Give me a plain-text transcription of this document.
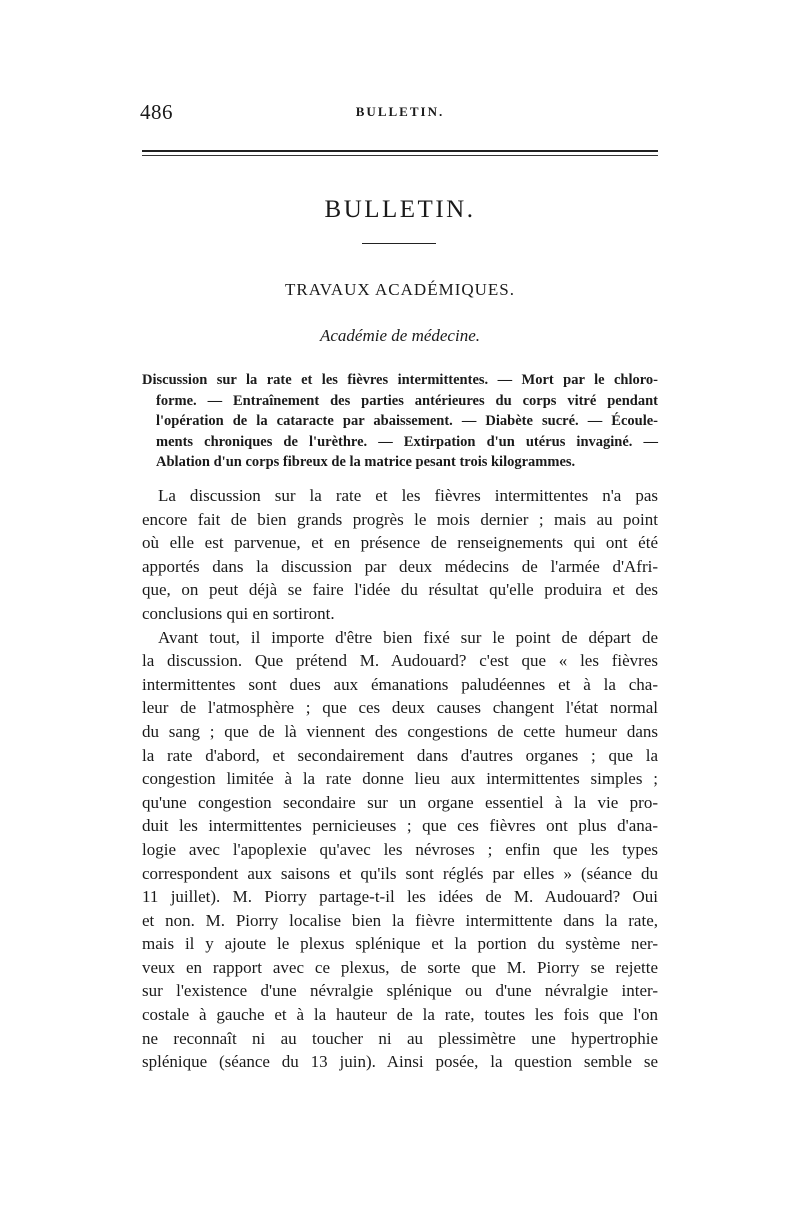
486	BULLETIN.
BULLETIN.
TRAVAUX ACADÉMIQUES.
Académie de médecine.
Discussion sur la rate et les fièvres intermittentes. — Mort par le chloro-
forme. — Entraînement des parties antérieures du corps vitré pendant
l'opération de la cataracte par abaissement. — Diabète sucré. — Écoule-
ments chroniques de l'urèthre. — Extirpation d'un utérus invaginé. —
Ablation d'un corps fibreux de la matrice pesant trois kilogrammes.
La discussion sur la rate et les fièvres intermittentes n'a pas
encore fait de bien grands progrès le mois dernier ; mais au point
où elle est parvenue, et en présence de renseignements qui ont été
apportés dans la discussion par deux médecins de l'armée d'Afri-
que, on peut déjà se faire l'idée du résultat qu'elle produira et des
conclusions qui en sortiront.
Avant tout, il importe d'être bien fixé sur le point de départ de
la discussion. Que prétend M. Audouard? c'est que « les fièvres
intermittentes sont dues aux émanations paludéennes et à la cha-
leur de l'atmosphère ; que ces deux causes changent l'état normal
du sang ; que de là viennent des congestions de cette humeur dans
la rate d'abord, et secondairement dans d'autres organes ; que la
congestion limitée à la rate donne lieu aux intermittentes simples ;
qu'une congestion secondaire sur un organe essentiel à la vie pro-
duit les intermittentes pernicieuses ; que ces fièvres ont plus d'ana-
logie avec l'apoplexie qu'avec les névroses ; enfin que les types
correspondent aux saisons et qu'ils sont réglés par elles » (séance du
11 juillet). M. Piorry partage-t-il les idées de M. Audouard? Oui
et non. M. Piorry localise bien la fièvre intermittente dans la rate,
mais il y ajoute le plexus splénique et la portion du système ner-
veux en rapport avec ce plexus, de sorte que M. Piorry se rejette
sur l'existence d'une névralgie splénique ou d'une névralgie inter-
costale à gauche et à la hauteur de la rate, toutes les fois que l'on
ne reconnaît ni au toucher ni au plessimètre une hypertrophie
splénique (séance du 13 juin). Ainsi posée, la question semble se
